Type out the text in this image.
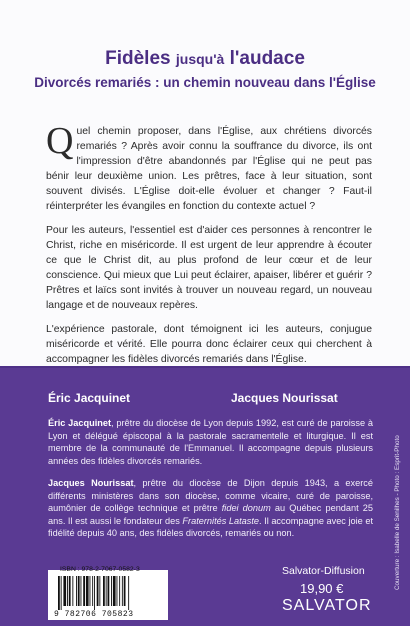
Fidèles jusqu'à l'audace
Divorcés remariés : un chemin nouveau dans l'Église

Quel chemin proposer, dans l'Église, aux chrétiens divorcés remariés ? Après avoir connu la souffrance du divorce, ils ont l'impression d'être abandonnés par l'Église qui ne peut pas bénir leur deuxième union. Les prêtres, face à leur situation, sont souvent divisés. L'Église doit-elle évoluer et changer ? Faut-il réinterpréter les évangiles en fonction du contexte actuel ?

Pour les auteurs, l'essentiel est d'aider ces personnes à rencontrer le Christ, riche en miséricorde. Il est urgent de leur apprendre à écouter ce que le Christ dit, au plus profond de leur cœur et de leur conscience. Qui mieux que Lui peut éclairer, apaiser, libérer et guérir ? Prêtres et laïcs sont invités à trouver un nouveau regard, un nouveau langage et de nouveaux repères.

L'expérience pastorale, dont témoignent ici les auteurs, conjugue miséricorde et vérité. Elle pourra donc éclairer ceux qui cherchent à accompagner les fidèles divorcés remariés dans l'Église.

Éric Jacquinet	Jacques Nourissat

Éric Jacquinet, prêtre du diocèse de Lyon depuis 1992, est curé de paroisse à Lyon et délégué épiscopal à la pastorale sacramentelle et liturgique. Il est membre de la communauté de l'Emmanuel. Il accompagne depuis plusieurs années des fidèles divorcés remariés.

Jacques Nourissat, prêtre du diocèse de Dijon depuis 1943, a exercé différents ministères dans son diocèse, comme vicaire, curé de paroisse, aumônier de collège technique et prêtre fidei donum au Québec pendant 25 ans. Il est aussi le fondateur des Fraternités Lataste. Il accompagne avec joie et fidélité depuis 40 ans, des fidèles divorcés, remariés ou non.	Couverture : Isabelle de Senilhes - Photo : Esprit-Photo

ISBN : 978-2-7067-0582-3

9 782706 705823

Salvator-Diffusion

19,90 €

SALVATOR
